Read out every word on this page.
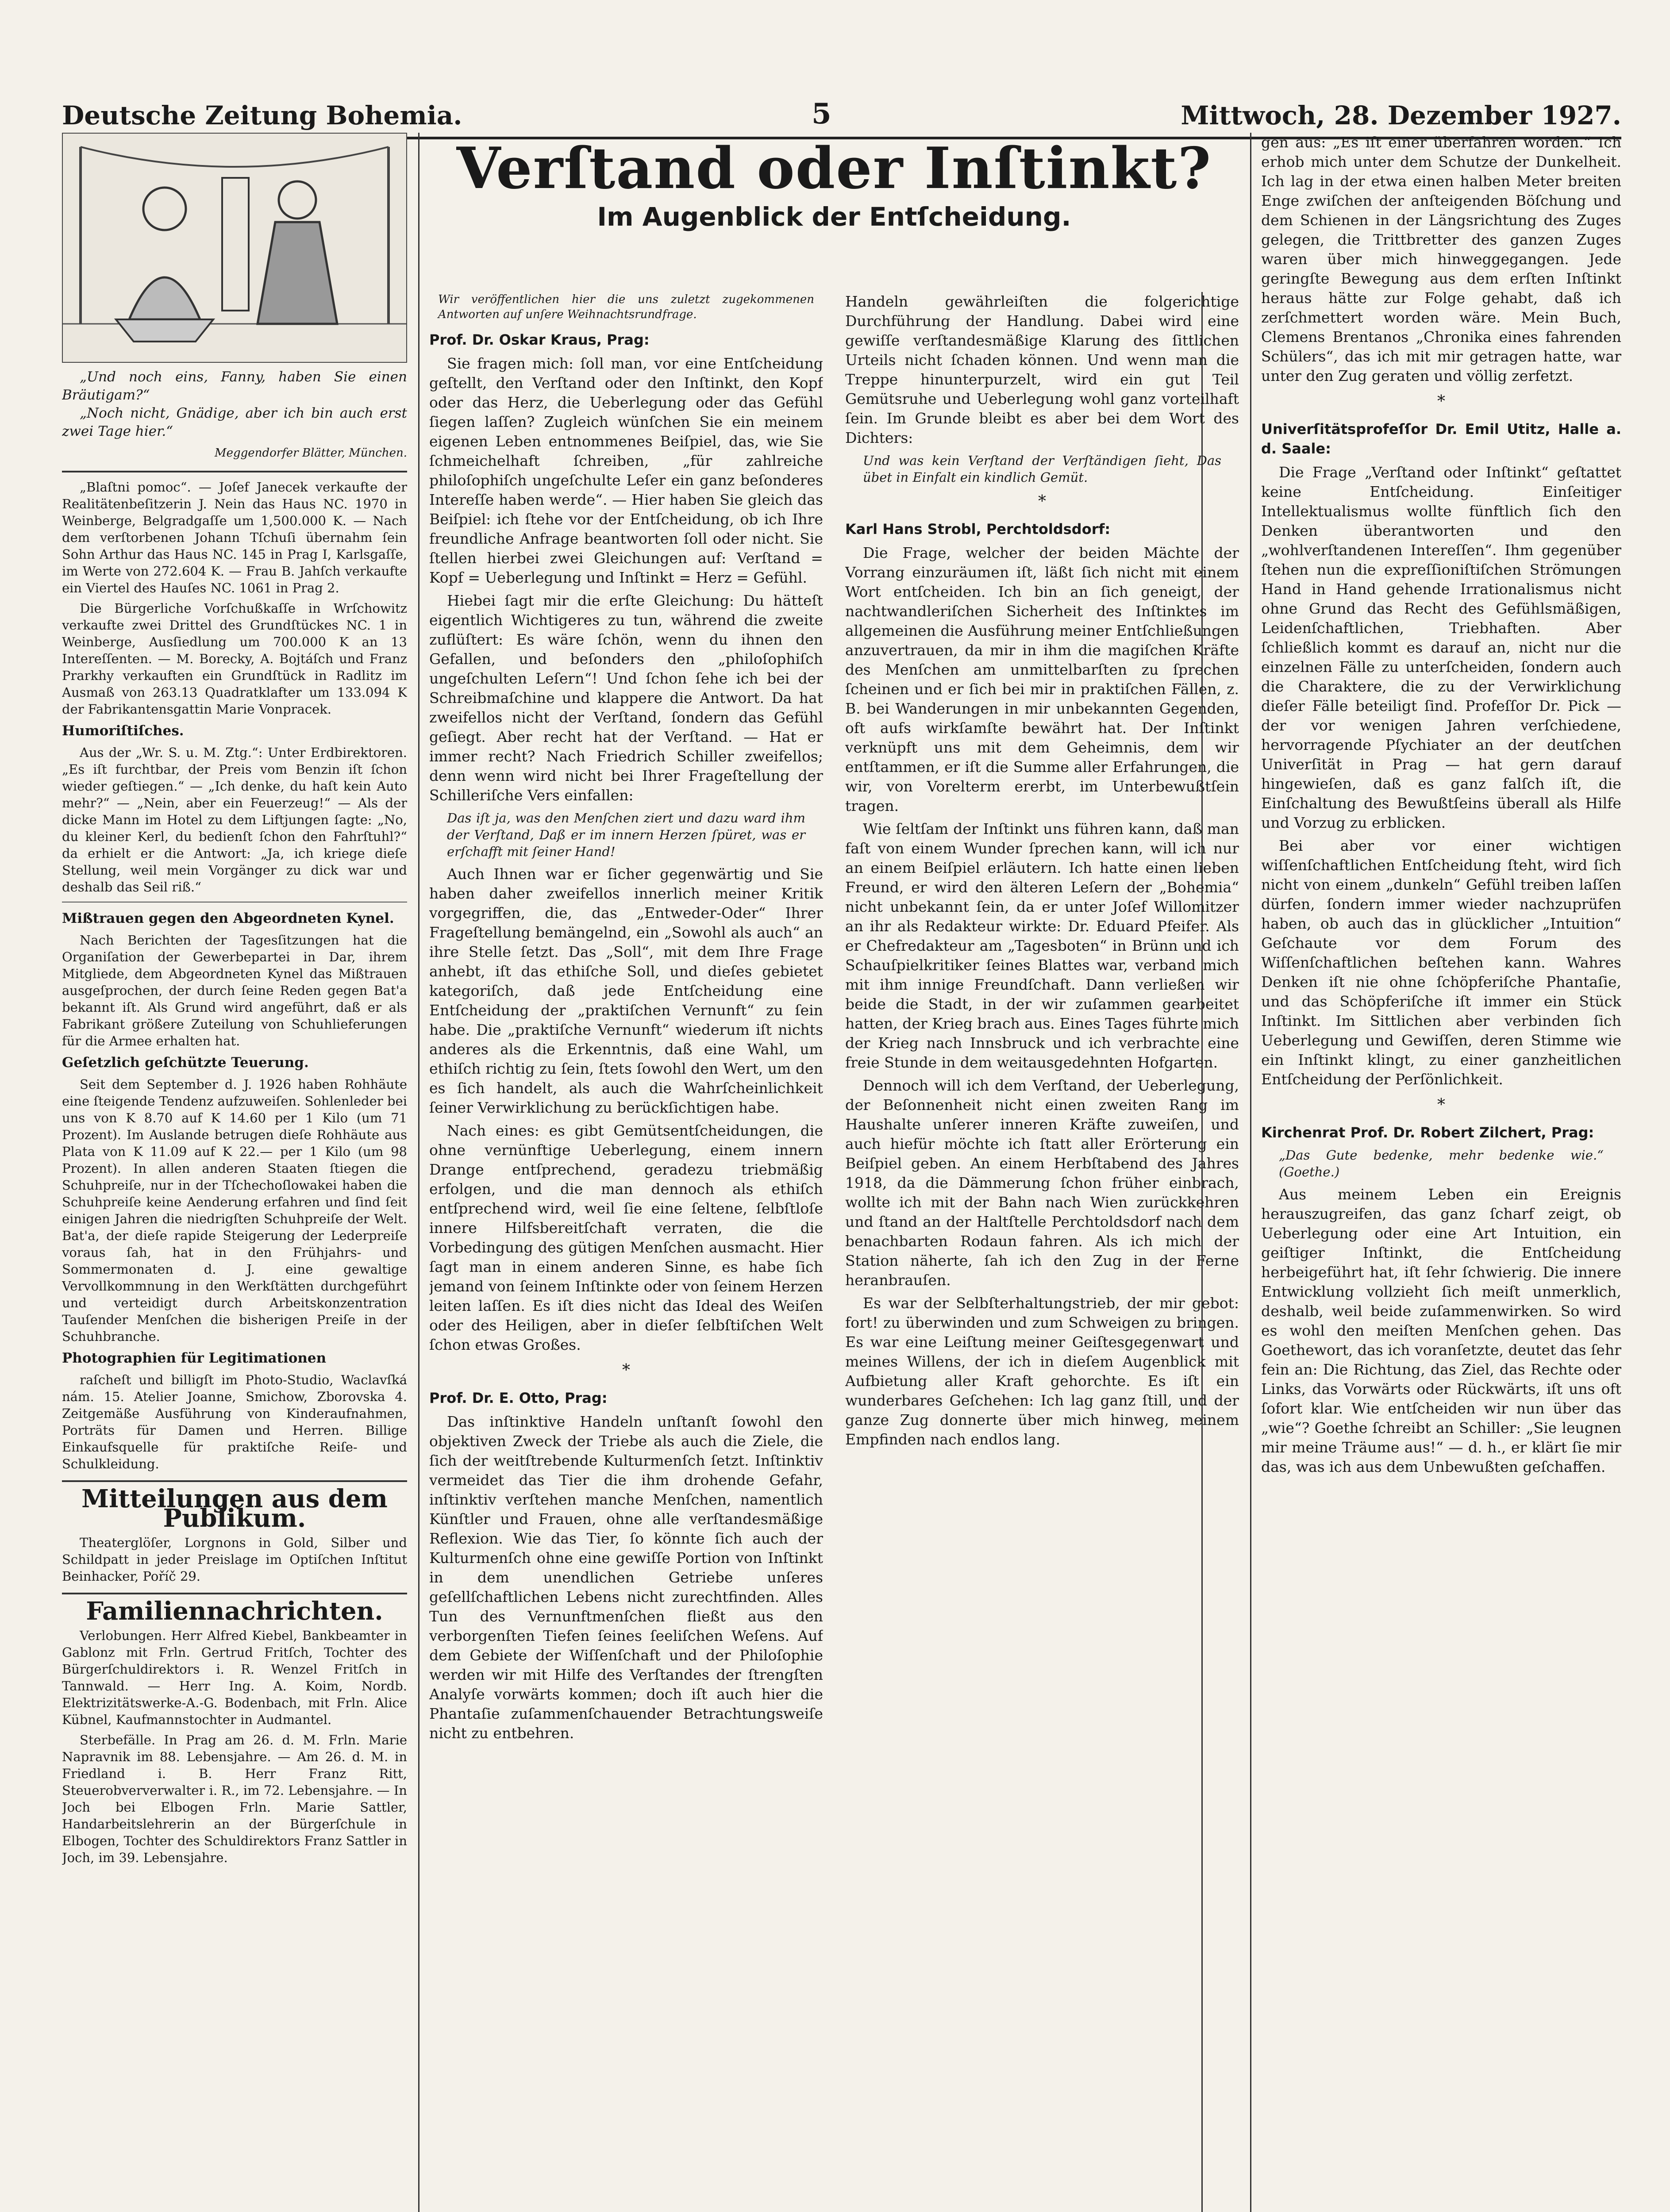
Deutsche Zeitung Bohemia.	5	Mittwoch, 28. Dezember 1927.
„Und noch eins, Fanny, haben Sie einen Bräutigam?“
„Noch nicht, Gnädige, aber ich bin auch erst zwei Tage hier.“
Meggendorfer Blätter, München.

„Blaſtni pomoc“. — Joſef Janecek verkaufte der Realitätenbeſitzerin J. Nein das Haus NC. 1970 in Weinberge, Belgradgaſſe um 1,500.000 K. — Nach dem verſtorbenen Johann Tſchuſi übernahm ſein Sohn Arthur das Haus NC. 145 in Prag I, Karlsgaſſe, im Werte von 272.604 K. — Frau B. Jahſch verkaufte ein Viertel des Hauſes NC. 1061 in Prag 2.

Die Bürgerliche Vorſchußkaſſe in Wrſchowitz verkaufte zwei Drittel des Grundſtückes NC. 1 in Weinberge, Ausſiedlung um 700.000 K an 13 Intereſſenten. — M. Borecky, A. Bojtáſch und Franz Prarkhy verkauften ein Grundſtück in Radlitz im Ausmaß von 263.13 Quadratklafter um 133.094 K der Fabrikantensgattin Marie Vonpracek.

Humoriſtiſches.

Aus der „Wr. S. u. M. Ztg.“: Unter Erdbirektoren. „Es iſt furchtbar, der Preis vom Benzin iſt ſchon wieder geſtiegen.“ — „Ich denke, du haſt kein Auto mehr?“ — „Nein, aber ein Feuerzeug!“ — Als der dicke Mann im Hotel zu dem Liftjungen ſagte: „No, du kleiner Kerl, du bedienſt ſchon den Fahrſtuhl?“ da erhielt er die Antwort: „Ja, ich kriege dieſe Stellung, weil mein Vorgänger zu dick war und deshalb das Seil riß.“

Mißtrauen gegen den Abgeordneten Kynel.

Nach Berichten der Tagesſitzungen hat die Organiſation der Gewerbepartei in Dar, ihrem Mitgliede, dem Abgeordneten Kynel das Mißtrauen ausgeſprochen, der durch ſeine Reden gegen Bat'a bekannt iſt. Als Grund wird angeführt, daß er als Fabrikant größere Zuteilung von Schuhlieferungen für die Armee erhalten hat.

Geſetzlich geſchützte Teuerung.

Seit dem September d. J. 1926 haben Rohhäute eine ſteigende Tendenz aufzuweiſen. Sohlenleder bei uns von K 8.70 auf K 14.60 per 1 Kilo (um 71 Prozent). Im Auslande betrugen dieſe Rohhäute aus Plata von K 11.09 auf K 22.— per 1 Kilo (um 98 Prozent). In allen anderen Staaten ſtiegen die Schuhpreiſe, nur in der Tſchechoſlowakei haben die Schuhpreiſe keine Aenderung erfahren und ſind ſeit einigen Jahren die niedrigſten Schuhpreiſe der Welt. Bat'a, der dieſe rapide Steigerung der Lederpreiſe voraus ſah, hat in den Frühjahrs- und Sommermonaten d. J. eine gewaltige Vervollkommnung in den Werkſtätten durchgeführt und verteidigt durch Arbeitskonzentration Tauſender Menſchen die bisherigen Preiſe in der Schuhbranche.

Photographien für Legitimationen

raſcheſt und billigſt im Photo-Studio, Waclavſká nám. 15. Atelier Joanne, Smichow, Zborovska 4. Zeitgemäße Ausführung von Kinderaufnahmen, Porträts für Damen und Herren. Billige Einkaufsquelle für praktiſche Reiſe- und Schulkleidung.

Mitteilungen aus dem Publikum.

Theaterglöſer, Lorgnons in Gold, Silber und Schildpatt in jeder Preislage im Optiſchen Inſtitut Beinhacker, Poříč 29.

Familiennachrichten.

Verlobungen. Herr Alfred Kiebel, Bankbeamter in Gablonz mit Frln. Gertrud Fritſch, Tochter des Bürgerſchuldirektors i. R. Wenzel Fritſch in Tannwald. — Herr Ing. A. Koim, Nordb. Elektrizitätswerke-A.-G. Bodenbach, mit Frln. Alice Kübnel, Kaufmannstochter in Audmantel.

Sterbefälle. In Prag am 26. d. M. Frln. Marie Napravnik im 88. Lebensjahre. — Am 26. d. M. in Friedland i. B. Herr Franz Ritt, Steuerobververwalter i. R., im 72. Lebensjahre. — In Joch bei Elbogen Frln. Marie Sattler, Handarbeitslehrerin an der Bürgerſchule in Elbogen, Tochter des Schuldirektors Franz Sattler in Joch, im 39. Lebensjahre.

Verſtand oder Inſtinkt?
Im Augenblick der Entſcheidung.

Wir veröffentlichen hier die uns zuletzt zugekommenen Antworten auf unſere Weihnachtsrundfrage.

Prof. Dr. Oskar Kraus, Prag:

Sie fragen mich: ſoll man, vor eine Entſcheidung geſtellt, den Verſtand oder den Inſtinkt, den Kopf oder das Herz, die Ueberlegung oder das Gefühl ſiegen laſſen? Zugleich wünſchen Sie ein meinem eigenen Leben entnommenes Beiſpiel, das, wie Sie ſchmeichelhaft ſchreiben, „für zahlreiche philoſophiſch ungeſchulte Leſer ein ganz beſonderes Intereſſe haben werde“. — Hier haben Sie gleich das Beiſpiel: ich ſtehe vor der Entſcheidung, ob ich Ihre freundliche Anfrage beantworten ſoll oder nicht. Sie ſtellen hierbei zwei Gleichungen auf: Verſtand = Kopf = Ueberlegung und Inſtinkt = Herz = Gefühl.

Hiebei ſagt mir die erſte Gleichung: Du hätteſt eigentlich Wichtigeres zu tun, während die zweite zuflüſtert: Es wäre ſchön, wenn du ihnen den Gefallen, und beſonders den „philoſophiſch ungeſchulten Leſern“! Und ſchon ſehe ich bei der Schreibmaſchine und klappere die Antwort. Da hat zweifellos nicht der Verſtand, ſondern das Gefühl geſiegt. Aber recht hat der Verſtand. — Hat er immer recht? Nach Friedrich Schiller zweifellos; denn wenn wird nicht bei Ihrer Frageſtellung der Schilleriſche Vers einfallen:

Das iſt ja, was den Menſchen ziert und dazu ward ihm der Verſtand, Daß er im innern Herzen ſpüret, was er erſchafft mit ſeiner Hand!

Auch Ihnen war er ſicher gegenwärtig und Sie haben daher zweifellos innerlich meiner Kritik vorgegriffen, die, das „Entweder-Oder“ Ihrer Frageſtellung bemängelnd, ein „Sowohl als auch“ an ihre Stelle ſetzt. Das „Soll“, mit dem Ihre Frage anhebt, iſt das ethiſche Soll, und dieſes gebietet kategoriſch, daß jede Entſcheidung eine Entſcheidung der „praktiſchen Vernunft“ zu ſein habe. Die „praktiſche Vernunft“ wiederum iſt nichts anderes als die Erkenntnis, daß eine Wahl, um ethiſch richtig zu ſein, ſtets ſowohl den Wert, um den es ſich handelt, als auch die Wahrſcheinlichkeit ſeiner Verwirklichung zu berückſichtigen habe.

Nach eines: es gibt Gemütsentſcheidungen, die ohne vernünftige Ueberlegung, einem innern Drange entſprechend, geradezu triebmäßig erfolgen, und die man dennoch als ethiſch entſprechend wird, weil ſie eine ſeltene, ſelbſtloſe innere Hilfsbereitſchaft verraten, die die Vorbedingung des gütigen Menſchen ausmacht. Hier ſagt man in einem anderen Sinne, es habe ſich jemand von ſeinem Inſtinkte oder von ſeinem Herzen leiten laſſen. Es iſt dies nicht das Ideal des Weiſen oder des Heiligen, aber in dieſer ſelbſtiſchen Welt ſchon etwas Großes.

*

Prof. Dr. E. Otto, Prag:

Das inſtinktive Handeln unſtanſt ſowohl den objektiven Zweck der Triebe als auch die Ziele, die ſich der weitſtrebende Kulturmenſch ſetzt. Inſtinktiv vermeidet das Tier die ihm drohende Gefahr, inſtinktiv verſtehen manche Menſchen, namentlich Künſtler und Frauen, ohne alle verſtandesmäßige Reflexion. Wie das Tier, ſo könnte ſich auch der Kulturmenſch ohne eine gewiſſe Portion von Inſtinkt in dem unendlichen Getriebe unſeres geſellſchaftlichen Lebens nicht zurechtfinden. Alles Tun des Vernunftmenſchen fließt aus den verborgenſten Tiefen ſeines ſeeliſchen Weſens. Auf dem Gebiete der Wiſſenſchaft und der Philoſophie werden wir mit Hilfe des Verſtandes der ſtrengſten Analyſe vorwärts kommen; doch iſt auch hier die Phantaſie zuſammenſchauender Betrachtungsweiſe nicht zu entbehren.

Handeln gewährleiſten die folgerichtige Durchführung der Handlung. Dabei wird eine gewiſſe verſtandesmäßige Klarung des ſittlichen Urteils nicht ſchaden können. Und wenn man die Treppe hinunterpurzelt, wird ein gut Teil Gemütsruhe und Ueberlegung wohl ganz vorteilhaft ſein. Im Grunde bleibt es aber bei dem Wort des Dichters:

Und was kein Verſtand der Verſtändigen ſieht, Das übet in Einfalt ein kindlich Gemüt.

*

Karl Hans Strobl, Perchtoldsdorf:

Die Frage, welcher der beiden Mächte der Vorrang einzuräumen iſt, läßt ſich nicht mit einem Wort entſcheiden. Ich bin an ſich geneigt, der nachtwandleriſchen Sicherheit des Inſtinktes im allgemeinen die Ausführung meiner Entſchließungen anzuvertrauen, da mir in ihm die magiſchen Kräfte des Menſchen am unmittelbarſten zu ſprechen ſcheinen und er ſich bei mir in praktiſchen Fällen, z. B. bei Wanderungen in mir unbekannten Gegenden, oft aufs wirkſamſte bewährt hat. Der Inſtinkt verknüpft uns mit dem Geheimnis, dem wir entſtammen, er iſt die Summe aller Erfahrungen, die wir, von Vorelterm ererbt, im Unterbewußtſein tragen.

Wie ſeltſam der Inſtinkt uns führen kann, daß man faſt von einem Wunder ſprechen kann, will ich nur an einem Beiſpiel erläutern. Ich hatte einen lieben Freund, er wird den älteren Leſern der „Bohemia“ nicht unbekannt ſein, da er unter Joſef Willomitzer an ihr als Redakteur wirkte: Dr. Eduard Pfeifer. Als er Chefredakteur am „Tagesboten“ in Brünn und ich Schauſpielkritiker ſeines Blattes war, verband mich mit ihm innige Freundſchaft. Dann verließen wir beide die Stadt, in der wir zuſammen gearbeitet hatten, der Krieg brach aus. Eines Tages führte mich der Krieg nach Innsbruck und ich verbrachte eine freie Stunde in dem weitausgedehnten Hofgarten.

Dennoch will ich dem Verſtand, der Ueberlegung, der Beſonnenheit nicht einen zweiten Rang im Haushalte unſerer inneren Kräfte zuweiſen, und auch hiefür möchte ich ſtatt aller Erörterung ein Beiſpiel geben. An einem Herbſtabend des Jahres 1918, da die Dämmerung ſchon früher einbrach, wollte ich mit der Bahn nach Wien zurückkehren und ſtand an der Haltſtelle Perchtoldsdorf nach dem benachbarten Rodaun fahren. Als ich mich der Station näherte, ſah ich den Zug in der Ferne heranbrauſen.

Es war der Selbſterhaltungstrieb, der mir gebot: fort! zu überwinden und zum Schweigen zu bringen. Es war eine Leiſtung meiner Geiſtesgegenwart und meines Willens, der ich in dieſem Augenblick mit Aufbietung aller Kraft gehorchte. Es iſt ein wunderbares Geſchehen: Ich lag ganz ſtill, und der ganze Zug donnerte über mich hinweg, meinem Empfinden nach endlos lang.

gen aus: „Es iſt einer überfahren worden.“ Ich erhob mich unter dem Schutze der Dunkelheit. Ich lag in der etwa einen halben Meter breiten Enge zwiſchen der anſteigenden Böſchung und dem Schienen in der Längsrichtung des Zuges gelegen, die Trittbretter des ganzen Zuges waren über mich hinweggegangen. Jede geringſte Bewegung aus dem erſten Inſtinkt heraus hätte zur Folge gehabt, daß ich zerſchmettert worden wäre. Mein Buch, Clemens Brentanos „Chronika eines fahrenden Schülers“, das ich mit mir getragen hatte, war unter den Zug geraten und völlig zerfetzt.

*

Univerſitätsprofeſſor Dr. Emil Utitz, Halle a. d. Saale:

Die Frage „Verſtand oder Inſtinkt“ geſtattet keine Entſcheidung. Einſeitiger Intellektualismus wollte fünftlich ſich den Denken überantworten und den „wohlverſtandenen Intereſſen“. Ihm gegenüber ſtehen nun die expreſſioniſtiſchen Strömungen Hand in Hand gehende Irrationalismus nicht ohne Grund das Recht des Gefühlsmäßigen, Leidenſchaftlichen, Triebhaften. Aber ſchließlich kommt es darauf an, nicht nur die einzelnen Fälle zu unterſcheiden, ſondern auch die Charaktere, die zu der Verwirklichung dieſer Fälle beteiligt ſind. Profeſſor Dr. Pick — der vor wenigen Jahren verſchiedene, hervorragende Pſychiater an der deutſchen Univerſität in Prag — hat gern darauf hingewieſen, daß es ganz falſch iſt, die Einſchaltung des Bewußtſeins überall als Hilfe und Vorzug zu erblicken.

Bei aber vor einer wichtigen wiſſenſchaftlichen Entſcheidung ſteht, wird ſich nicht von einem „dunkeln“ Gefühl treiben laſſen dürfen, ſondern immer wieder nachzuprüfen haben, ob auch das in glücklicher „Intuition“ Geſchaute vor dem Forum des Wiſſenſchaftlichen beſtehen kann. Wahres Denken iſt nie ohne ſchöpferiſche Phantaſie, und das Schöpferiſche iſt immer ein Stück Inſtinkt. Im Sittlichen aber verbinden ſich Ueberlegung und Gewiſſen, deren Stimme wie ein Inſtinkt klingt, zu einer ganzheitlichen Entſcheidung der Perſönlichkeit.

*

Kirchenrat Prof. Dr. Robert Zilchert, Prag:

„Das Gute bedenke, mehr bedenke wie.“ (Goethe.)

Aus meinem Leben ein Ereignis herauszugreifen, das ganz ſcharf zeigt, ob Ueberlegung oder eine Art Intuition, ein geiſtiger Inſtinkt, die Entſcheidung herbeigeführt hat, iſt ſehr ſchwierig. Die innere Entwicklung vollzieht ſich meiſt unmerklich, deshalb, weil beide zuſammenwirken. So wird es wohl den meiſten Menſchen gehen. Das Goethewort, das ich voranſetzte, deutet das ſehr fein an: Die Richtung, das Ziel, das Rechte oder Links, das Vorwärts oder Rückwärts, iſt uns oft ſofort klar. Wie entſcheiden wir nun über das „wie“? Goethe ſchreibt an Schiller: „Sie leugnen mir meine Träume aus!“ — d. h., er klärt ſie mir das, was ich aus dem Unbewußten geſchaffen.
